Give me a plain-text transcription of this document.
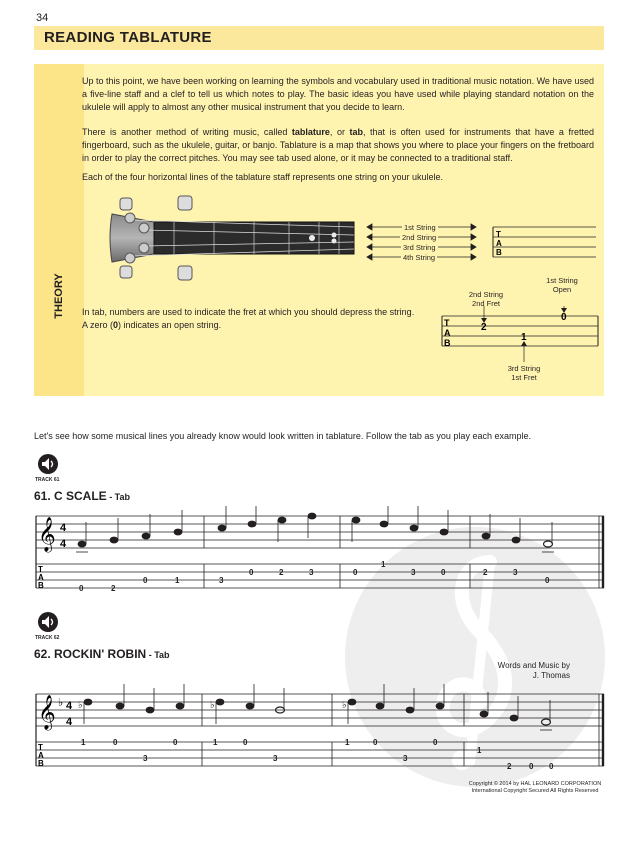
34
READING TABLATURE
THEORY

Up to this point, we have been working on learning the symbols and vocabulary used in traditional music notation. We have used a five-line staff and a clef to tell us which notes to play. The basic ideas you have used while playing standard notation on the ukulele will apply to almost any other musical instrument that you decide to learn.

There is another method of writing music, called tablature, or tab, that is often used for instruments that have a fretted fingerboard, such as the ukulele, guitar, or banjo. Tablature is a map that shows you where to place your fingers on the fretboard in order to play the correct pitches. You may see tab used alone, or it may be connected to a traditional staff.

Each of the four horizontal lines of the tablature staff represents one string on your ukulele.

1st String
2nd String
3rd String
4th String
T
A
B
In tab, numbers are used to indicate the fret at which you should depress the string.
A zero (0) indicates an open string.
2nd String
2nd Fret
1st String
Open
3rd String
1st Fret
T
A
B
2
0
1
Let's see how some musical lines you already know would look written in tablature. Follow the tab as you play each example.
TRACK 61
61. C SCALE - Tab
𝄞 4
4
T
A
B	0	2
0	1	3
0	2	3	0
1
3	0	2	3
0
TRACK 62
62. ROCKIN' ROBIN - Tab
Words and Music by
J. Thomas
𝄞 ♭ 4
4
T
A
B
♭	♭	♭
1	0
3
0	1	0
3
1	0
3
0
1
2 0 0
Copyright © 2014 by HAL LEONARD CORPORATION
International Copyright Secured All Rights Reserved
